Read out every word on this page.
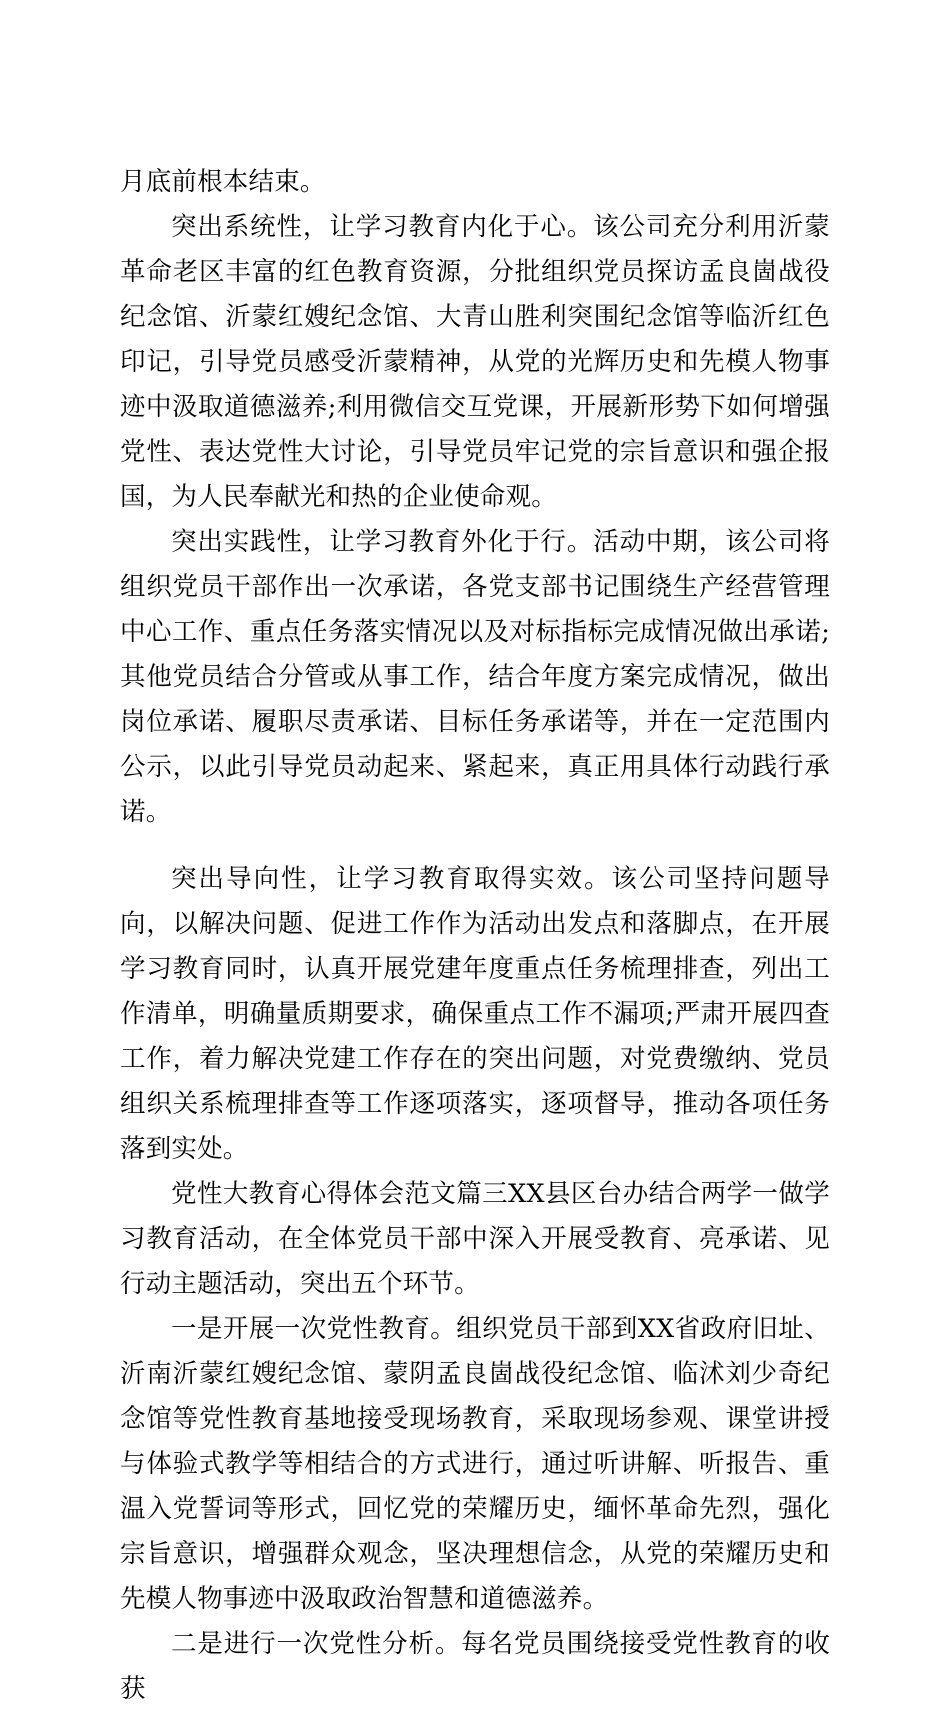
月底前根本结束。

突出系统性，让学习教育内化于心。该公司充分利用沂蒙革命老区丰富的红色教育资源，分批组织党员探访孟良崮战役纪念馆、沂蒙红嫂纪念馆、大青山胜利突围纪念馆等临沂红色印记，引导党员感受沂蒙精神，从党的光辉历史和先模人物事迹中汲取道德滋养;利用微信交互党课，开展新形势下如何增强党性、表达党性大讨论，引导党员牢记党的宗旨意识和强企报国，为人民奉献光和热的企业使命观。

突出实践性，让学习教育外化于行。活动中期，该公司将组织党员干部作出一次承诺，各党支部书记围绕生产经营管理中心工作、重点任务落实情况以及对标指标完成情况做出承诺;其他党员结合分管或从事工作，结合年度方案完成情况，做出岗位承诺、履职尽责承诺、目标任务承诺等，并在一定范围内公示，以此引导党员动起来、紧起来，真正用具体行动践行承诺。

突出导向性，让学习教育取得实效。该公司坚持问题导向，以解决问题、促进工作作为活动出发点和落脚点，在开展学习教育同时，认真开展党建年度重点任务梳理排查，列出工作清单，明确量质期要求，确保重点工作不漏项;严肃开展四查工作，着力解决党建工作存在的突出问题，对党费缴纳、党员组织关系梳理排查等工作逐项落实，逐项督导，推动各项任务落到实处。

党性大教育心得体会范文篇三XX县区台办结合两学一做学习教育活动，在全体党员干部中深入开展受教育、亮承诺、见行动主题活动，突出五个环节。

一是开展一次党性教育。组织党员干部到XX省政府旧址、沂南沂蒙红嫂纪念馆、蒙阴孟良崮战役纪念馆、临沭刘少奇纪念馆等党性教育基地接受现场教育，采取现场参观、课堂讲授与体验式教学等相结合的方式进行，通过听讲解、听报告、重温入党誓词等形式，回忆党的荣耀历史，缅怀革命先烈，强化宗旨意识，增强群众观念，坚决理想信念，从党的荣耀历史和先模人物事迹中汲取政治智慧和道德滋养。

二是进行一次党性分析。每名党员围绕接受党性教育的收获
